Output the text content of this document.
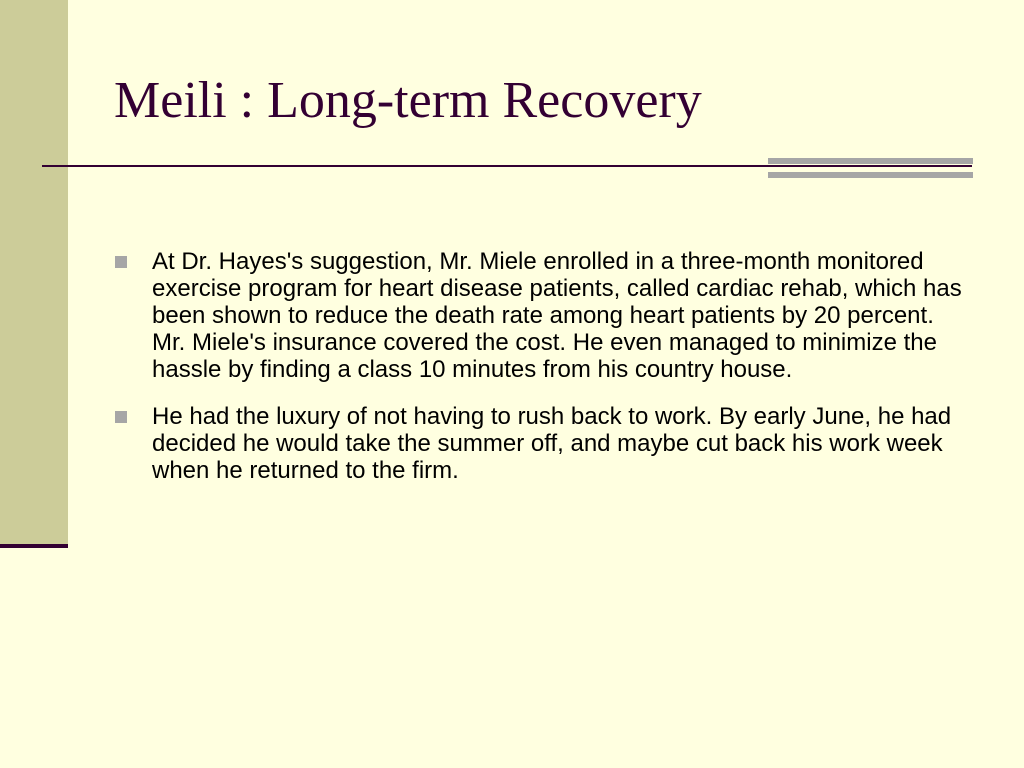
Meili : Long-term Recovery
At Dr. Hayes's suggestion, Mr. Miele enrolled in a three-month monitored exercise program for heart disease patients, called cardiac rehab, which has been shown to reduce the death rate among heart patients by 20 percent. Mr. Miele's insurance covered the cost. He even managed to minimize the hassle by finding a class 10 minutes from his country house.
He had the luxury of not having to rush back to work. By early June, he had decided he would take the summer off, and maybe cut back his work week when he returned to the firm.
